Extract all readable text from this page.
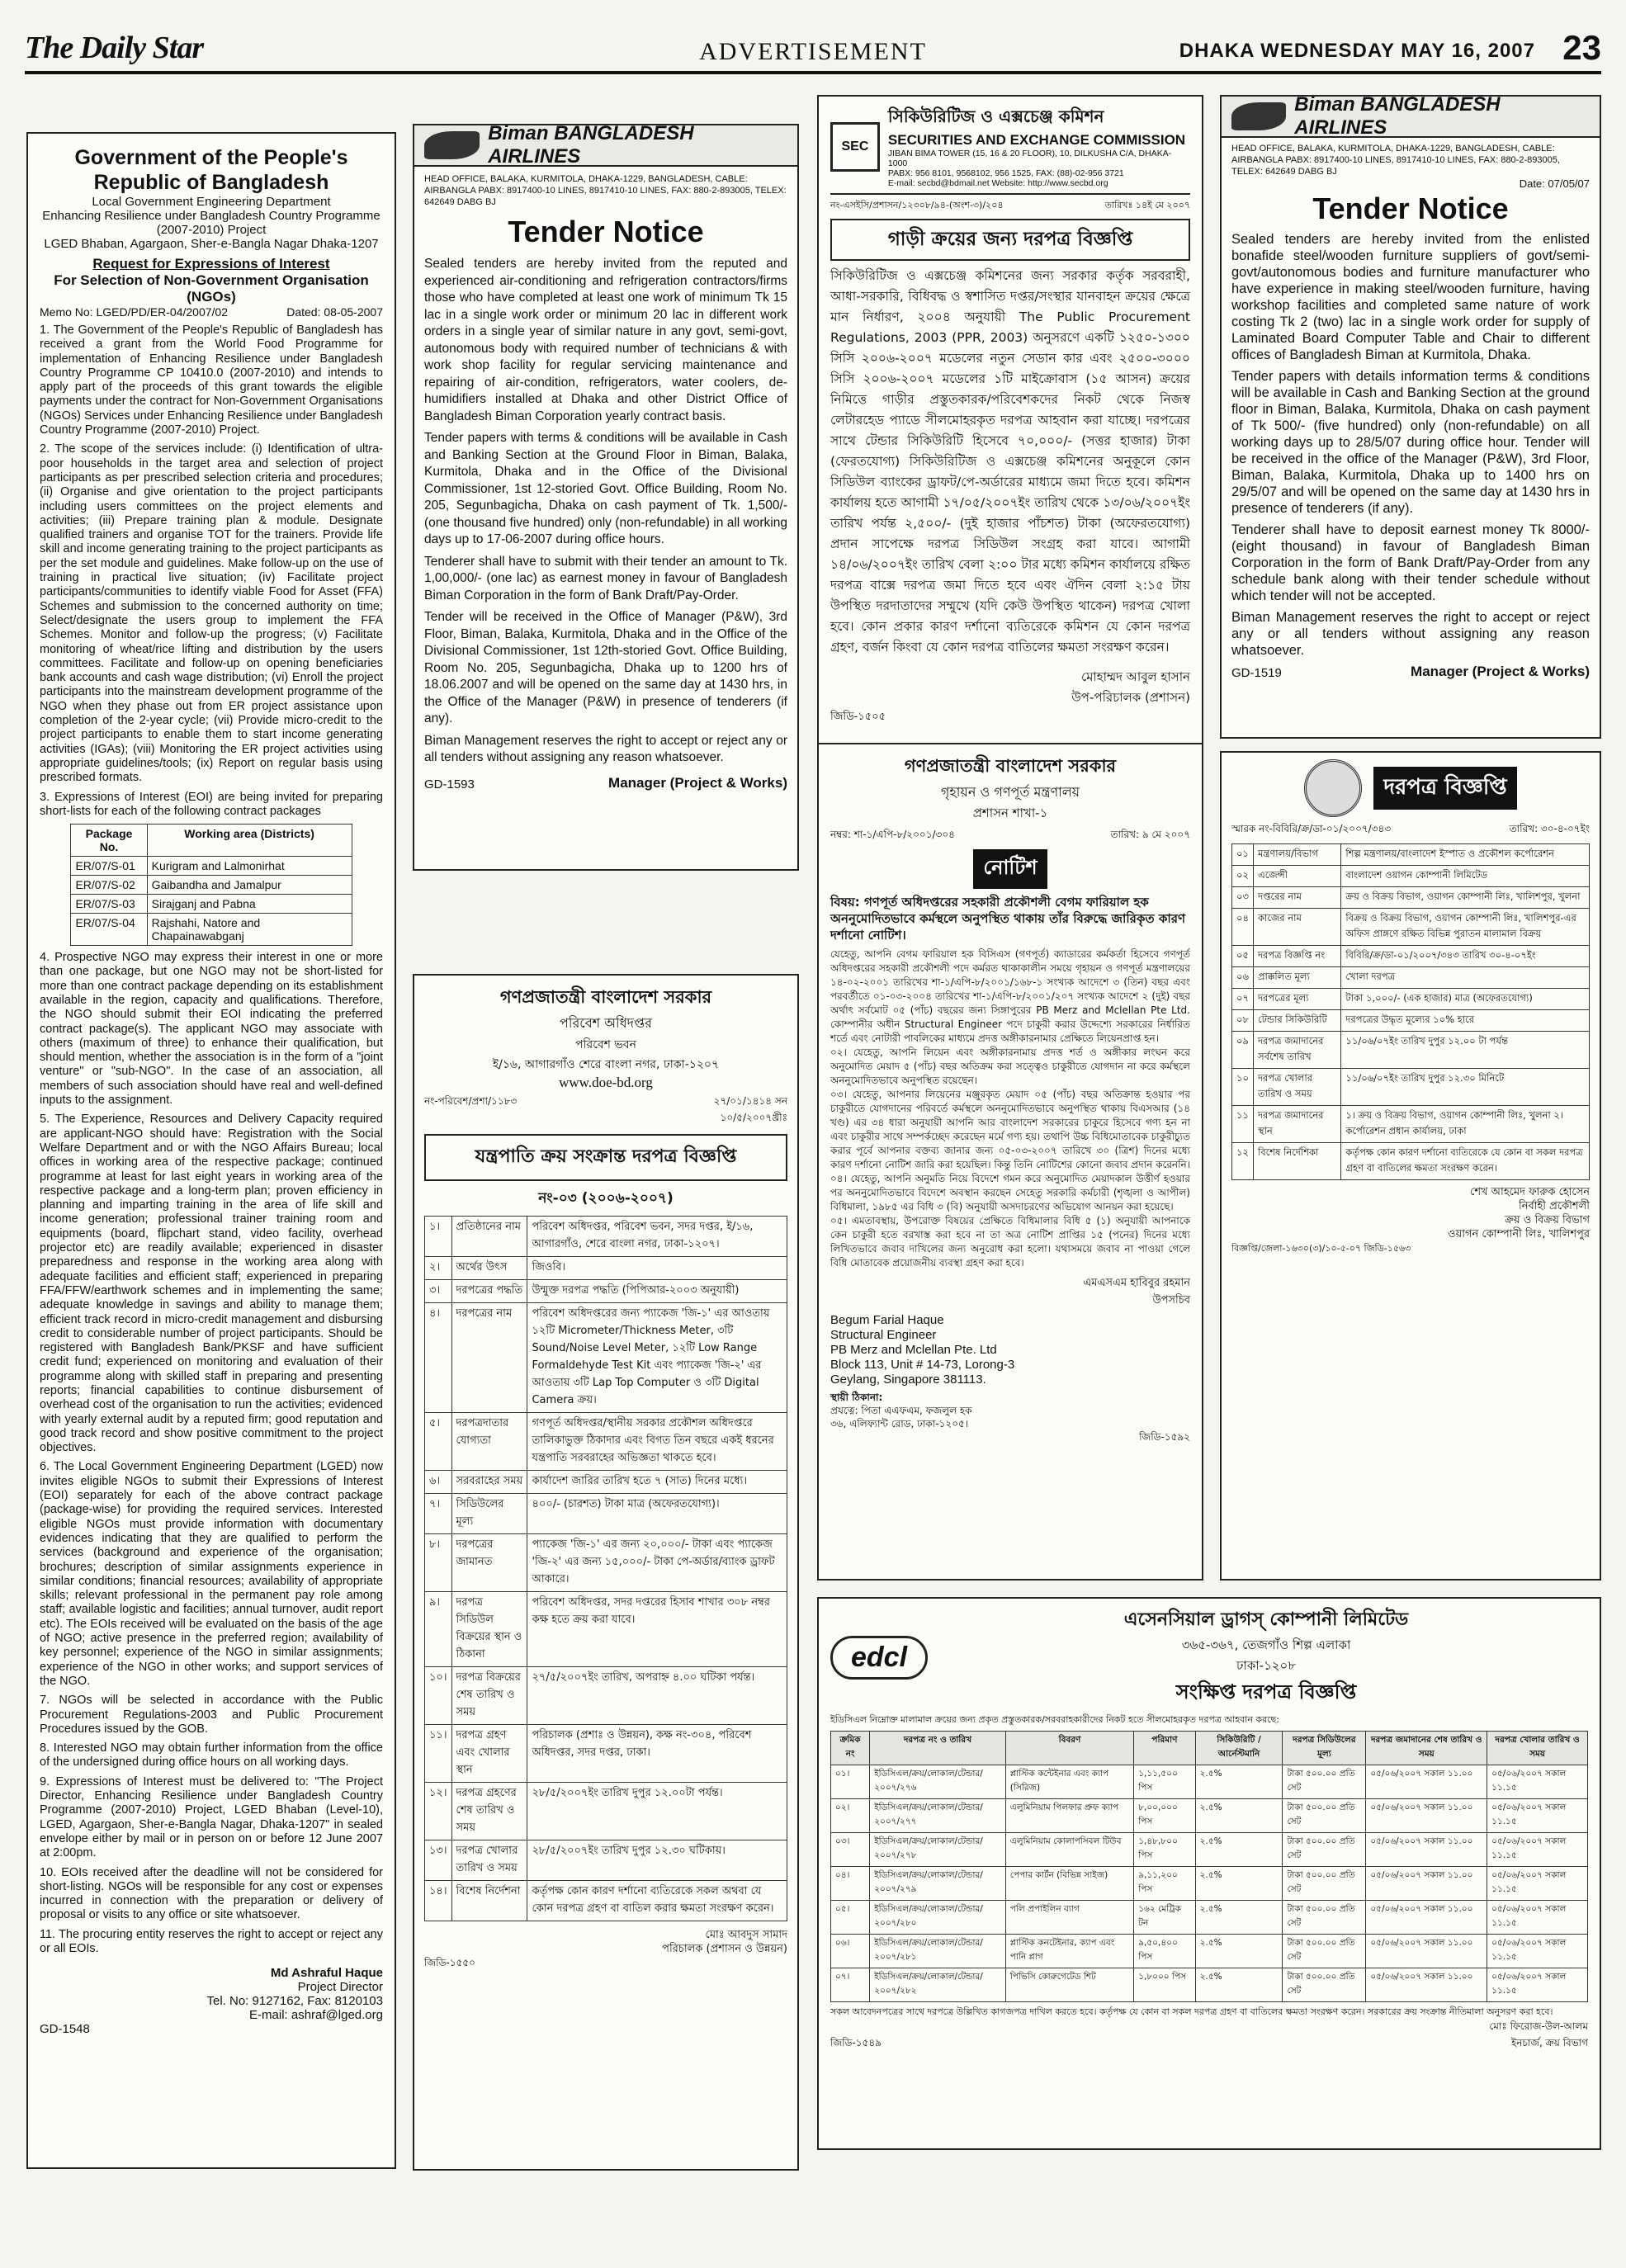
The Daily Star	ADVERTISEMENT	DHAKA WEDNESDAY MAY 16, 2007 23
Government of the People's
Republic of Bangladesh
Local Government Engineering Department
Enhancing Resilience under Bangladesh Country Programme (2007-2010) Project
LGED Bhaban, Agargaon, Sher-e-Bangla Nagar Dhaka-1207
Request for Expressions of Interest
For Selection of Non-Government Organisation (NGOs)
Memo No: LGED/PD/ER-04/2007/02	Dated: 08-05-2007
1. The Government of the People's Republic of Bangladesh has received a grant from the World Food Programme for implementation of Enhancing Resilience under Bangladesh Country Programme CP 10410.0 (2007-2010) and intends to apply part of the proceeds of this grant towards the eligible payments under the contract for Non-Government Organisations (NGOs) Services under Enhancing Resilience under Bangladesh Country Programme (2007-2010) Project.
2. The scope of the services include: (i) Identification of ultra-poor households in the target area and selection of project participants as per prescribed selection criteria and procedures; (ii) Organise and give orientation to the project participants including users committees on the project elements and activities; (iii) Prepare training plan & module. Designate qualified trainers and organise TOT for the trainers. Provide life skill and income generating training to the project participants as per the set module and guidelines. Make follow-up on the use of training in practical live situation; (iv) Facilitate project participants/communities to identify viable Food for Asset (FFA) Schemes and submission to the concerned authority on time; Select/designate the users group to implement the FFA Schemes. Monitor and follow-up the progress; (v) Facilitate monitoring of wheat/rice lifting and distribution by the users committees. Facilitate and follow-up on opening beneficiaries bank accounts and cash wage distribution; (vi) Enroll the project participants into the mainstream development programme of the NGO when they phase out from ER project assistance upon completion of the 2-year cycle; (vii) Provide micro-credit to the project participants to enable them to start income generating activities (IGAs); (viii) Monitoring the ER project activities using appropriate guidelines/tools; (ix) Report on regular basis using prescribed formats.
3. Expressions of Interest (EOI) are being invited for preparing short-lists for each of the following contract packages
Package No.	Working area (Districts)
ER/07/S-01	Kurigram and Lalmonirhat
ER/07/S-02	Gaibandha and Jamalpur
ER/07/S-03	Sirajganj and Pabna
ER/07/S-04	Rajshahi, Natore and Chapainawabganj
4. Prospective NGO may express their interest in one or more than one package, but one NGO may not be short-listed for more than one contract package depending on its establishment available in the region, capacity and qualifications. Therefore, the NGO should submit their EOI indicating the preferred contract package(s). The applicant NGO may associate with others (maximum of three) to enhance their qualification, but should mention, whether the association is in the form of a "joint venture" or "sub-NGO". In the case of an association, all members of such association should have real and well-defined inputs to the assignment.
5. The Experience, Resources and Delivery Capacity required are applicant-NGO should have: Registration with the Social Welfare Department and or with the NGO Affairs Bureau; local offices in working area of the respective package; continued programme at least for last eight years in working area of the respective package and a long-term plan; proven efficiency in planning and imparting training in the area of life skill and income generation; professional trainer training room and equipments (board, flipchart stand, video facility, overhead projector etc) are readily available; experienced in disaster preparedness and response in the working area along with adequate facilities and efficient staff; experienced in preparing FFA/FFW/earthwork schemes and in implementing the same; adequate knowledge in savings and ability to manage them; efficient track record in micro-credit management and disbursing credit to considerable number of project participants. Should be registered with Bangladesh Bank/PKSF and have sufficient credit fund; experienced on monitoring and evaluation of their programme along with skilled staff in preparing and presenting reports; financial capabilities to continue disbursement of overhead cost of the organisation to run the activities; evidenced with yearly external audit by a reputed firm; good reputation and good track record and show positive commitment to the project objectives.
6. The Local Government Engineering Department (LGED) now invites eligible NGOs to submit their Expressions of Interest (EOI) separately for each of the above contract package (package-wise) for providing the required services. Interested eligible NGOs must provide information with documentary evidences indicating that they are qualified to perform the services (background and experience of the organisation; brochures; description of similar assignments experience in similar conditions; financial resources; availability of appropriate skills; relevant professional in the permanent pay role among staff; available logistic and facilities; annual turnover, audit report etc). The EOIs received will be evaluated on the basis of the age of NGO; active presence in the preferred region; availability of key personnel; experience of the NGO in similar assignments; experience of the NGO in other works; and support services of the NGO.
7. NGOs will be selected in accordance with the Public Procurement Regulations-2003 and Public Procurement Procedures issued by the GOB.
8. Interested NGO may obtain further information from the office of the undersigned during office hours on all working days.
9. Expressions of Interest must be delivered to: "The Project Director, Enhancing Resilience under Bangladesh Country Programme (2007-2010) Project, LGED Bhaban (Level-10), LGED, Agargaon, Sher-e-Bangla Nagar, Dhaka-1207" in sealed envelope either by mail or in person on or before 12 June 2007 at 2:00pm.
10. EOIs received after the deadline will not be considered for short-listing. NGOs will be responsible for any cost or expenses incurred in connection with the preparation or delivery of proposal or visits to any office or site whatsoever.
11. The procuring entity reserves the right to accept or reject any or all EOIs.
Md Ashraful Haque
Project Director
Tel. No: 9127162, Fax: 8120103
E-mail: ashraf@lged.org
GD-1548
Biman BANGLADESH AIRLINES
HEAD OFFICE, BALAKA, KURMITOLA, DHAKA-1229, BANGLADESH, CABLE: AIRBANGLA PABX: 8917400-10 LINES, 8917410-10 LINES, FAX: 880-2-893005, TELEX: 642649 DABG BJ
Tender Notice
Sealed tenders are hereby invited from the reputed and experienced air-conditioning and refrigeration contractors/firms those who have completed at least one work of minimum Tk 15 lac in a single work order or minimum 20 lac in different work orders in a single year of similar nature in any govt, semi-govt, autonomous body with required number of technicians & with work shop facility for regular servicing maintenance and repairing of air-condition, refrigerators, water coolers, de-humidifiers installed at Dhaka and other District Office of Bangladesh Biman Corporation yearly contract basis.
Tender papers with terms & conditions will be available in Cash and Banking Section at the Ground Floor in Biman, Balaka, Kurmitola, Dhaka and in the Office of the Divisional Commissioner, 1st 12-storied Govt. Office Building, Room No. 205, Segunbagicha, Dhaka on cash payment of Tk. 1,500/- (one thousand five hundred) only (non-refundable) in all working days up to 17-06-2007 during office hours.
Tenderer shall have to submit with their tender an amount to Tk. 1,00,000/- (one lac) as earnest money in favour of Bangladesh Biman Corporation in the form of Bank Draft/Pay-Order.
Tender will be received in the Office of Manager (P&W), 3rd Floor, Biman, Balaka, Kurmitola, Dhaka and in the Office of the Divisional Commissioner, 1st 12th-storied Govt. Office Building, Room No. 205, Segunbagicha, Dhaka up to 1200 hrs of 18.06.2007 and will be opened on the same day at 1430 hrs, in the Office of the Manager (P&W) in presence of tenderers (if any).
Biman Management reserves the right to accept or reject any or all tenders without assigning any reason whatsoever.
GD-1593	Manager (Project & Works)
SEC
সিকিউরিটিজ ও এক্সচেঞ্জ কমিশন
SECURITIES AND EXCHANGE COMMISSION
JIBAN BIMA TOWER (15, 16 & 20 FLOOR), 10, DILKUSHA C/A, DHAKA-1000
PABX: 956 8101, 9568102, 956 1525, FAX: (88)-02-956 3721
E-mail: secbd@bdmail.net Website: http://www.secbd.org
নং-এসইসি/প্রশাসন/১২৩০৮/৯৪-(অংশ-৩)/২০৪	তারিখঃ ১৪ই মে ২০০৭
গাড়ী ক্রয়ের জন্য দরপত্র বিজ্ঞপ্তি
সিকিউরিটিজ ও এক্সচেঞ্জ কমিশনের জন্য সরকার কর্তৃক সরবরাহী, আধা-সরকারি, বিধিবদ্ধ ও স্বশাসিত দপ্তর/সংস্থার যানবাহন ক্রয়ের ক্ষেত্রে মান নির্ধারণ, ২০০৪ অনুযায়ী The Public Procurement Regulations, 2003 (PPR, 2003) অনুসরণে একটি ১২৫০-১৩০০ সিসি ২০০৬-২০০৭ মডেলের নতুন সেডান কার এবং ২৫০০-৩০০০ সিসি ২০০৬-২০০৭ মডেলের ১টি মাইক্রোবাস (১৫ আসন) ক্রয়ের নিমিত্তে গাড়ীর প্রস্তুতকারক/পরিবেশকদের নিকট থেকে নিজস্ব লেটারহেড প্যাডে সীলমোহরকৃত দরপত্র আহবান করা যাচ্ছে। দরপত্রের সাথে টেন্ডার সিকিউরিটি হিসেবে ৭০,০০০/- (সত্তর হাজার) টাকা (ফেরতযোগ্য) সিকিউরিটিজ ও এক্সচেঞ্জ কমিশনের অনুকূলে কোন সিডিউল ব্যাংকের ড্রাফট/পে-অর্ডারের মাধ্যমে জমা দিতে হবে। কমিশন কার্যালয় হতে আগামী ১৭/০৫/২০০৭ইং তারিখ থেকে ১৩/০৬/২০০৭ইং তারিখ পর্যন্ত ২,৫০০/- (দুই হাজার পাঁচশত) টাকা (অফেরতযোগ্য) প্রদান সাপেক্ষে দরপত্র সিডিউল সংগ্রহ করা যাবে। আগামী ১৪/০৬/২০০৭ইং তারিখ বেলা ২:০০ টার মধ্যে কমিশন কার্যালয়ে রক্ষিত দরপত্র বাক্সে দরপত্র জমা দিতে হবে এবং ঐদিন বেলা ২:১৫ টায় উপস্থিত দরদাতাদের সম্মুখে (যদি কেউ উপস্থিত থাকেন) দরপত্র খোলা হবে। কোন প্রকার কারণ দর্শানো ব্যতিরেকে কমিশন যে কোন দরপত্র গ্রহণ, বর্জন কিংবা যে কোন দরপত্র বাতিলের ক্ষমতা সংরক্ষণ করেন।
মোহাম্মদ আবুল হাসান
উপ-পরিচালক (প্রশাসন)
জিডি-১৫০৫
Biman BANGLADESH AIRLINES
HEAD OFFICE, BALAKA, KURMITOLA, DHAKA-1229, BANGLADESH, CABLE: AIRBANGLA PABX: 8917400-10 LINES, 8917410-10 LINES, FAX: 880-2-893005, TELEX: 642649 DABG BJ
Date: 07/05/07
Tender Notice
Sealed tenders are hereby invited from the enlisted bonafide steel/wooden furniture suppliers of govt/semi-govt/autonomous bodies and furniture manufacturer who have experience in making steel/wooden furniture, having workshop facilities and completed same nature of work costing Tk 2 (two) lac in a single work order for supply of Laminated Board Computer Table and Chair to different offices of Bangladesh Biman at Kurmitola, Dhaka.
Tender papers with details information terms & conditions will be available in Cash and Banking Section at the ground floor in Biman, Balaka, Kurmitola, Dhaka on cash payment of Tk 500/- (five hundred) only (non-refundable) on all working days up to 28/5/07 during office hour. Tender will be received in the office of the Manager (P&W), 3rd Floor, Biman, Balaka, Kurmitola, Dhaka up to 1400 hrs on 29/5/07 and will be opened on the same day at 1430 hrs in presence of tenderers (if any).
Tenderer shall have to deposit earnest money Tk 8000/- (eight thousand) in favour of Bangladesh Biman Corporation in the form of Bank Draft/Pay-Order from any schedule bank along with their tender schedule without which tender will not be accepted.
Biman Management reserves the right to accept or reject any or all tenders without assigning any reason whatsoever.
GD-1519	Manager (Project & Works)
গণপ্রজাতন্ত্রী বাংলাদেশ সরকার
গৃহায়ন ও গণপূর্ত মন্ত্রণালয়
প্রশাসন শাখা-১
নম্বর: শা-১/এপি-৮/২০০১/৩০৪	তারিখ: ৯ মে ২০০৭
নোটিশ
বিষয়: গণপূর্ত অধিদপ্তরের সহকারী প্রকৌশলী বেগম ফারিয়াল হক অননুমোদিতভাবে কর্মস্থলে অনুপস্থিত থাকায় তাঁর বিরুদ্ধে জারিকৃত কারণ দর্শানো নোটিশ।
যেহেতু, আপনি বেগম ফারিয়াল হক বিসিএস (গণপূর্ত) ক্যাডারের কর্মকর্তা হিসেবে গণপূর্ত অধিদপ্তরের সহকারী প্রকৌশলী পদে কর্মরত থাকাকালীন সময়ে গৃহায়ন ও গণপূর্ত মন্ত্রণালয়ের ১৪-০২-২০০১ তারিখের শা-১/এপি-৮/২০০১/১৬৮-১ সংখ্যক আদেশে ৩ (তিন) বছর এবং পরবর্তীতে ০১-০৩-২০০৪ তারিখের শা-১/এপি-৮/২০০১/২০৭ সংখ্যক আদেশে ২ (দুই) বছর অর্থাৎ সর্বমোট ০৫ (পাঁচ) বছরের জন্য সিঙ্গাপুরের PB Merz and Mclellan Pte Ltd. কোম্পানীর অধীন Structural Engineer পদে চাকুরী করার উদ্দেশ্যে সরকারের নির্ধারিত শর্তে এবং নোটারী পাবলিকের মাধ্যমে প্রদত্ত অঙ্গীকারনামার প্রেক্ষিতে লিয়েনপ্রাপ্ত হন।
০২। যেহেতু, আপনি লিয়েন এবং অঙ্গীকারনামায় প্রদত্ত শর্ত ও অঙ্গীকার লংঘন করে অনুমোদিত মেয়াদ ৫ (পাঁচ) বছর অতিক্রম করা সত্ত্বেও চাকুরীতে যোগদান না করে কর্মস্থলে অননুমোদিতভাবে অনুপস্থিত রয়েছেন।
০৩। যেহেতু, আপনার লিয়েনের মঞ্জুরকৃত মেয়াদ ০৫ (পাঁচ) বছর অতিক্রান্ত হওয়ার পর চাকুরীতে যোগদানের পরিবর্তে কর্মস্থলে অননুমোদিতভাবে অনুপস্থিত থাকায় বিএসআর (১৪ খণ্ড) এর ৩৪ ধারা অনুযায়ী আপনি আর বাংলাদেশ সরকারের চাকুরে হিসেবে গণ্য হন না এবং চাকুরীর সাথে সম্পর্কচ্ছেদ করেছেন মর্মে গণ্য হয়। তথাপি উচ্চ বিধিমোতাবেক চাকুরীচ্যুত করার পূর্বে আপনার বক্তব্য জানার জন্য ০৫-০৩-২০০৭ তারিখে ৩০ (ত্রিশ) দিনের মধ্যে কারণ দর্শানো নোটিশ জারি করা হয়েছিল। কিন্তু তিনি নোটিশের কোনো জবাব প্রদান করেননি।
০৪। যেহেতু, আপনি অনুমতি নিয়ে বিদেশে গমন করে অনুমোদিত মেয়াদকাল উত্তীর্ণ হওয়ার পর অননুমোদিতভাবে বিদেশে অবস্থান করছেন সেহেতু সরকারি কর্মচারী (শৃঙ্খলা ও আপীল) বিধিমালা, ১৯৮৫ এর বিধি ৩ (বি) অনুযায়ী অসদাচরণের অভিযোগ আনয়ন করা হয়েছে।
০৫। এমতাবস্থায়, উপরোক্ত বিষয়ের প্রেক্ষিতে বিধিমালার বিধি ৫ (১) অনুযায়ী আপনাকে কেন চাকুরী হতে বরখাস্ত করা হবে না তা অত্র নোটিশ প্রাপ্তির ১৫ (পনের) দিনের মধ্যে লিখিতভাবে জবাব দাখিলের জন্য অনুরোধ করা হলো। যথাসময়ে জবাব না পাওয়া গেলে বিধি মোতাবেক প্রয়োজনীয় ব্যবস্থা গ্রহণ করা হবে।
এমএসএম হাবিবুর রহমান
উপসচিব
Begum Farial Haque
Structural Engineer
PB Merz and Mclellan Pte. Ltd
Block 113, Unit # 14-73, Lorong-3
Geylang, Singapore 381113.
স্থায়ী ঠিকানা:
প্রযত্নে: পিতা এএফএম, ফজলুল হক
৩৬, এলিফ্যান্ট রোড, ঢাকা-১২০৫।
জিডি-১৫৯২
দরপত্র বিজ্ঞপ্তি
স্মারক নং-বিবিরি/ক্র/ডা-০১/২০০৭/৩৪৩	তারিখ: ৩০-৪-০৭ইং
০১	মন্ত্রণালয়/বিভাগ	শিল্প মন্ত্রণালয়/বাংলাদেশ ইস্পাত ও প্রকৌশল কর্পোরেশন
০২	এজেন্সী	বাংলাদেশ ওয়াগন কোম্পানী লিমিটেড
০৩	দপ্তরের নাম	ক্রয় ও বিক্রয় বিভাগ, ওয়াগন কোম্পানী লিঃ, খালিশপুর, খুলনা
০৪	কাজের নাম	বিক্রয় ও বিক্রয় বিভাগ, ওয়াগন কোম্পানী লিঃ, খালিশপুর-এর অফিস প্রাঙ্গণে রক্ষিত বিভিন্ন পুরাতন মালামাল বিক্রয়
০৫	দরপত্র বিজ্ঞপ্তি নং	বিবিরি/ক্র/ডা-০১/২০০৭/৩৪৩ তারিখ ৩০-৪-০৭ইং
০৬	প্রাক্কলিত মূল্য	খোলা দরপত্র
০৭	দরপত্রের মূল্য	টাকা ১,০০০/- (এক হাজার) মাত্র (অফেরতযোগ্য)
০৮	টেন্ডার সিকিউরিটি	দরপত্রের উদ্ধৃত মূল্যের ১০% হারে
০৯	দরপত্র জমাদানের সর্বশেষ তারিখ	১১/০৬/০৭ইং তারিখ দুপুর ১২.০০ টা পর্যন্ত
১০	দরপত্র খোলার তারিখ ও সময়	১১/০৬/০৭ইং তারিখ দুপুর ১২.৩০ মিনিটে
১১	দরপত্র জমাদানের স্থান	১। ক্রয় ও বিক্রয় বিভাগ, ওয়াগন কোম্পানী লিঃ, খুলনা ২। কর্পোরেশন প্রধান কার্যালয়, ঢাকা
১২	বিশেষ নির্দেশিকা	কর্তৃপক্ষ কোন কারণ দর্শানো ব্যতিরেকে যে কোন বা সকল দরপত্র গ্রহণ বা বাতিলের ক্ষমতা সংরক্ষণ করেন।
শেখ আহমেদ ফারুক হোসেন
নির্বাহী প্রকৌশলী
ক্রয় ও বিক্রয় বিভাগ
ওয়াগন কোম্পানী লিঃ, খালিশপুর
বিজ্ঞপ্তি/জেলা-১৬৩০(৩)/১০-৫-০৭ জিডি-১৫৬৩
গণপ্রজাতন্ত্রী বাংলাদেশ সরকার
পরিবেশ অধিদপ্তর
পরিবেশ ভবন
ই/১৬, আগারগাঁও শেরে বাংলা নগর, ঢাকা-১২০৭
www.doe-bd.org
নং-পরিবেশ/প্রশা/১১৮৩	২৭/০১/১৪১৪ সন
১০/৫/২০০৭খ্রীঃ
যন্ত্রপাতি ক্রয় সংক্রান্ত দরপত্র বিজ্ঞপ্তি
নং-০৩ (২০০৬-২০০৭)
১।	প্রতিষ্ঠানের নাম	পরিবেশ অধিদপ্তর, পরিবেশ ভবন, সদর দপ্তর, ই/১৬, আগারগাঁও, শেরে বাংলা নগর, ঢাকা-১২০৭।
২।	অর্থের উৎস	জিওবি।
৩।	দরপত্রের পদ্ধতি	উন্মুক্ত দরপত্র পদ্ধতি (পিপিআর-২০০৩ অনুযায়ী)
৪।	দরপত্রের নাম	পরিবেশ অধিদপ্তরের জন্য প্যাকেজ 'জি-১' এর আওতায় ১২টি Micrometer/Thickness Meter, ৩টি Sound/Noise Level Meter, ১২টি Low Range Formaldehyde Test Kit এবং প্যাকেজ 'জি-২' এর আওতায় ৩টি Lap Top Computer ও ৩টি Digital Camera ক্রয়।
৫।	দরপত্রদাতার যোগ্যতা	গণপূর্ত অধিদপ্তর/স্থানীয় সরকার প্রকৌশল অধিদপ্তরে তালিকাভুক্ত ঠিকাদার এবং বিগত তিন বছরে একই ধরনের যন্ত্রপাতি সরবরাহের অভিজ্ঞতা থাকতে হবে।
৬।	সরবরাহের সময়	কার্যাদেশ জারির তারিখ হতে ৭ (সাত) দিনের মধ্যে।
৭।	সিডিউলের মূল্য	৪০০/- (চারশত) টাকা মাত্র (অফেরতযোগ্য)।
৮।	দরপত্রের জামানত	প্যাকেজ 'জি-১' এর জন্য ২০,০০০/- টাকা এবং প্যাকেজ 'জি-২' এর জন্য ১৫,০০০/- টাকা পে-অর্ডার/ব্যাংক ড্রাফট আকারে।
৯।	দরপত্র সিডিউল বিক্রয়ের স্থান ও ঠিকানা	পরিবেশ অধিদপ্তর, সদর দপ্তরের হিসাব শাখার ৩০৮ নম্বর কক্ষ হতে ক্রয় করা যাবে।
১০।	দরপত্র বিক্রয়ের শেষ তারিখ ও সময়	২৭/৫/২০০৭ইং তারিখ, অপরাহ্ন ৪.০০ ঘটিকা পর্যন্ত।
১১।	দরপত্র গ্রহণ এবং খোলার স্থান	পরিচালক (প্রশাঃ ও উন্নয়ন), কক্ষ নং-৩০৪, পরিবেশ অধিদপ্তর, সদর দপ্তর, ঢাকা।
১২।	দরপত্র গ্রহণের শেষ তারিখ ও সময়	২৮/৫/২০০৭ইং তারিখ দুপুর ১২.০০টা পর্যন্ত।
১৩।	দরপত্র খোলার তারিখ ও সময়	২৮/৫/২০০৭ইং তারিখ দুপুর ১২.৩০ ঘটিকায়।
১৪।	বিশেষ নির্দেশনা	কর্তৃপক্ষ কোন কারণ দর্শানো ব্যতিরেকে সকল অথবা যে কোন দরপত্র গ্রহণ বা বাতিল করার ক্ষমতা সংরক্ষণ করেন।
মোঃ আবদুস সামাদ
পরিচালক (প্রশাসন ও উন্নয়ন)
জিডি-১৫৫০
edcl
এসেনসিয়াল ড্রাগস্ কোম্পানী লিমিটেড
৩৬৫-৩৬৭, তেজগাঁও শিল্প এলাকা
ঢাকা-১২০৮
সংক্ষিপ্ত দরপত্র বিজ্ঞপ্তি
ইডিসিএল নিম্নোক্ত মালামাল ক্রয়ের জন্য প্রকৃত প্রস্তুতকারক/সরবরাহকারীদের নিকট হতে সীলমোহরকৃত দরপত্র আহবান করছে:
ক্রমিক নং	দরপত্র নং ও তারিখ	বিবরণ	পরিমাণ	সিকিউরিটি / আর্নেস্টমানি	দরপত্র সিডিউলের মূল্য	দরপত্র জমাদানের শেষ তারিখ ও সময়	দরপত্র খোলার তারিখ ও সময়
০১।	ইডিসিএল/ক্রয়/লোকাল/টেন্ডার/২০০৭/২৭৬	প্লাস্টিক কন্টেইনার এবং ক্যাপ (সিরিজ)	১,১১,৫০০ পিস	২.৫%	টাকা ৫০০.০০ প্রতি সেট	০৫/০৬/২০০৭ সকাল ১১.০০	০৫/০৬/২০০৭ সকাল ১১.১৫
০২।	ইডিসিএল/ক্রয়/লোকাল/টেন্ডার/২০০৭/২৭৭	এলুমিনিয়াম পিলফার প্রুফ ক্যাপ	৮,০০,০০০ পিস	২.৫%	টাকা ৫০০.০০ প্রতি সেট	০৫/০৬/২০০৭ সকাল ১১.০০	০৫/০৬/২০০৭ সকাল ১১.১৫
০৩।	ইডিসিএল/ক্রয়/লোকাল/টেন্ডার/২০০৭/২৭৮	এলুমিনিয়াম কোলাপসিবল টিউব	১,৪৮,৮০০ পিস	২.৫%	টাকা ৫০০.০০ প্রতি সেট	০৫/০৬/২০০৭ সকাল ১১.০০	০৫/০৬/২০০৭ সকাল ১১.১৫
০৪।	ইডিসিএল/ক্রয়/লোকাল/টেন্ডার/২০০৭/২৭৯	পেপার কার্টন (বিভিন্ন সাইজ)	৯,১১,২০০ পিস	২.৫%	টাকা ৫০০.০০ প্রতি সেট	০৫/০৬/২০০৭ সকাল ১১.০০	০৫/০৬/২০০৭ সকাল ১১.১৫
০৫।	ইডিসিএল/ক্রয়/লোকাল/টেন্ডার/২০০৭/২৮০	পলি প্রপাইলিন ব্যাগ	১৬২ মেট্রিক টন	২.৫%	টাকা ৫০০.০০ প্রতি সেট	০৫/০৬/২০০৭ সকাল ১১.০০	০৫/০৬/২০০৭ সকাল ১১.১৫
০৬।	ইডিসিএল/ক্রয়/লোকাল/টেন্ডার/২০০৭/২৮১	প্লাস্টিক কনটেইনার, ক্যাপ এবং পানি প্লাগ	৯,৫০,৪০০ পিস	২.৫%	টাকা ৫০০.০০ প্রতি সেট	০৫/০৬/২০০৭ সকাল ১১.০০	০৫/০৬/২০০৭ সকাল ১১.১৫
০৭।	ইডিসিএল/ক্রয়/লোকাল/টেন্ডার/২০০৭/২৮২	পিভিসি কোরুগেটেড শিট	১,৮০০০ পিস	২.৫%	টাকা ৫০০.০০ প্রতি সেট	০৫/০৬/২০০৭ সকাল ১১.০০	০৫/০৬/২০০৭ সকাল ১১.১৫
সকল আবেদনপত্রের সাথে দরপত্রে উল্লিখিত কাগজপত্র দাখিল করতে হবে। কর্তৃপক্ষ যে কোন বা সকল দরপত্র গ্রহণ বা বাতিলের ক্ষমতা সংরক্ষণ করেন। সরকারের ক্রয় সংক্রান্ত নীতিমালা অনুসরণ করা হবে।
জিডি-১৫৪৯
মোঃ ফিরোজ-উল-আলম
ইনচার্জ, ক্রয় বিভাগ
